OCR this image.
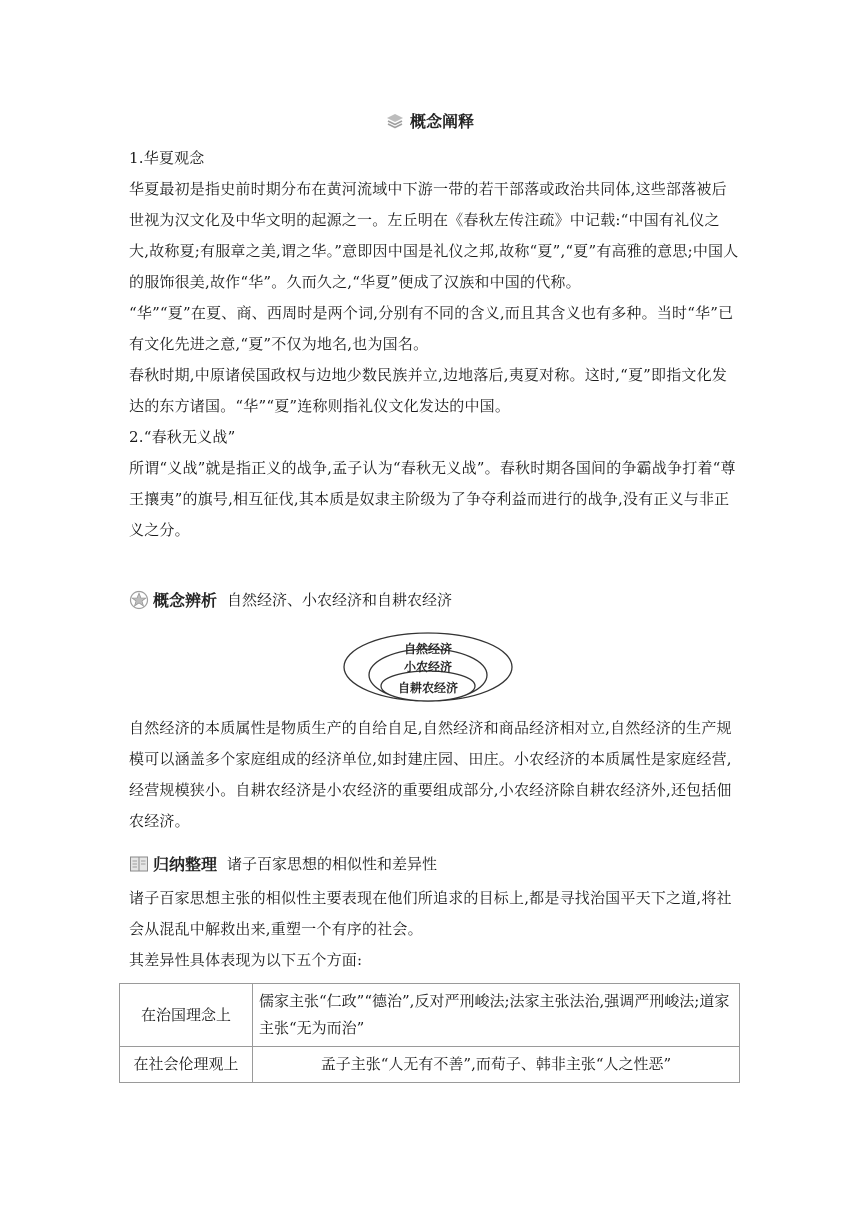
概念阐释

1.华夏观念

华夏最初是指史前时期分布在黄河流域中下游一带的若干部落或政治共同体,这些部落被后世视为汉文化及中华文明的起源之一。左丘明在《春秋左传注疏》中记载:“中国有礼仪之大,故称夏;有服章之美,谓之华。”意即因中国是礼仪之邦,故称“夏”,“夏”有高雅的意思;中国人的服饰很美,故作“华”。久而久之,“华夏”便成了汉族和中国的代称。

“华”“夏”在夏、商、西周时是两个词,分别有不同的含义,而且其含义也有多种。当时“华”已有文化先进之意,“夏”不仅为地名,也为国名。

春秋时期,中原诸侯国政权与边地少数民族并立,边地落后,夷夏对称。这时,“夏”即指文化发达的东方诸国。“华”“夏”连称则指礼仪文化发达的中国。

2.“春秋无义战”

所谓“义战”就是指正义的战争,孟子认为“春秋无义战”。春秋时期各国间的争霸战争打着“尊王攘夷”的旗号,相互征伐,其本质是奴隶主阶级为了争夺利益而进行的战争,没有正义与非正义之分。

概念辨析 自然经济、小农经济和自耕农经济
自然经济
小农经济
自耕农经济

自然经济的本质属性是物质生产的自给自足,自然经济和商品经济相对立,自然经济的生产规模可以涵盖多个家庭组成的经济单位,如封建庄园、田庄。小农经济的本质属性是家庭经营,经营规模狭小。自耕农经济是小农经济的重要组成部分,小农经济除自耕农经济外,还包括佃农经济。

归纳整理 诸子百家思想的相似性和差异性

诸子百家思想主张的相似性主要表现在他们所追求的目标上,都是寻找治国平天下之道,将社会从混乱中解救出来,重塑一个有序的社会。

其差异性具体表现为以下五个方面:

在治国理念上	儒家主张“仁政”“德治”,反对严刑峻法;法家主张法治,强调严刑峻法;道家主张“无为而治”
在社会伦理观上	孟子主张“人无有不善”,而荀子、韩非主张“人之性恶”
